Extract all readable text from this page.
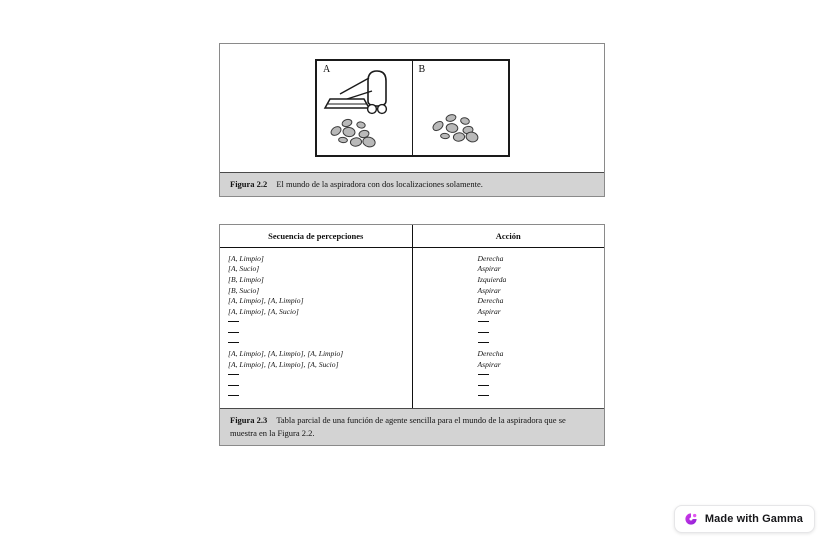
A	B
Figura 2.2 El mundo de la aspiradora con dos localizaciones solamente.
Secuencia de percepciones	Acción
[A, Limpio]	Derecha
[A, Sucio]	Aspirar
[B, Limpio]	Izquierda
[B, Sucio]	Aspirar
[A, Limpio], [A, Limpio]	Derecha
[A, Limpio], [A, Sucio]	Aspirar

[A, Limpio], [A, Limpio], [A, Limpio]	Derecha
[A, Limpio], [A, Limpio], [A, Sucio]	Aspirar

Figura 2.3 Tabla parcial de una función de agente sencilla para el mundo de la aspiradora que se muestra en la Figura 2.2.
Made with Gamma
